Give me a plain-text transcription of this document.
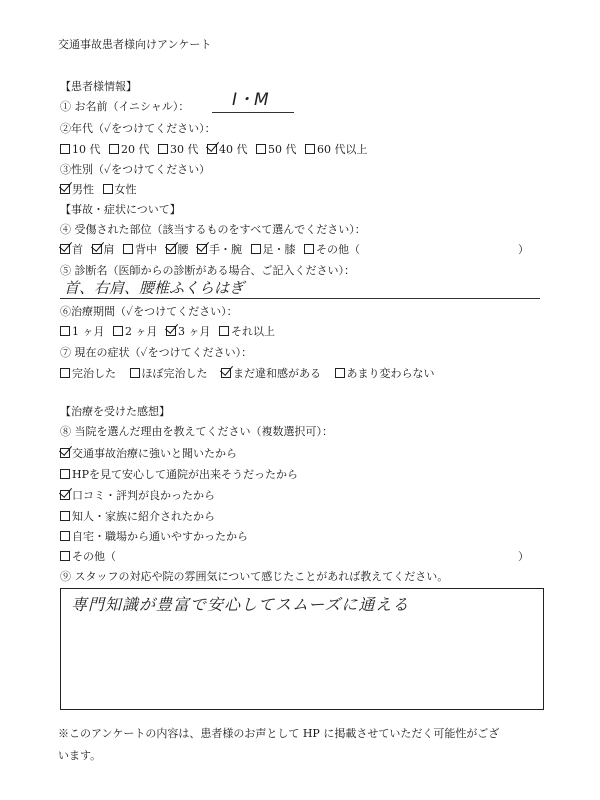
交通事故患者様向けアンケート
【患者様情報】
① お名前（イニシャル）：	I・M
②年代（✓をつけてください）：
10 代 20 代 30 代 40 代 50 代 60 代以上
③性別（✓をつけてください）
男性 女性
【事故・症状について】
④ 受傷された部位（該当するものをすべて選んでください）：
首 肩 背中 腰 手・腕 足・膝 その他（	）
⑤ 診断名（医師からの診断がある場合、ご記入ください）：
首、右肩、腰椎ふくらはぎ
⑥治療期間（✓をつけてください）：
1 ヶ月 2 ヶ月 3 ヶ月 それ以上
⑦ 現在の症状（✓をつけてください）：
完治した ほぼ完治した まだ違和感がある あまり変わらない
【治療を受けた感想】
⑧ 当院を選んだ理由を教えてください（複数選択可）：
交通事故治療に強いと聞いたから
HPを見て安心して通院が出来そうだったから
口コミ・評判が良かったから
知人・家族に紹介されたから
自宅・職場から通いやすかったから
その他（	）
⑨ スタッフの対応や院の雰囲気について感じたことがあれば教えてください。
専門知識が豊富で安心してスムーズに通える
※このアンケートの内容は、患者様のお声として HP に掲載させていただく可能性がござ
います。
